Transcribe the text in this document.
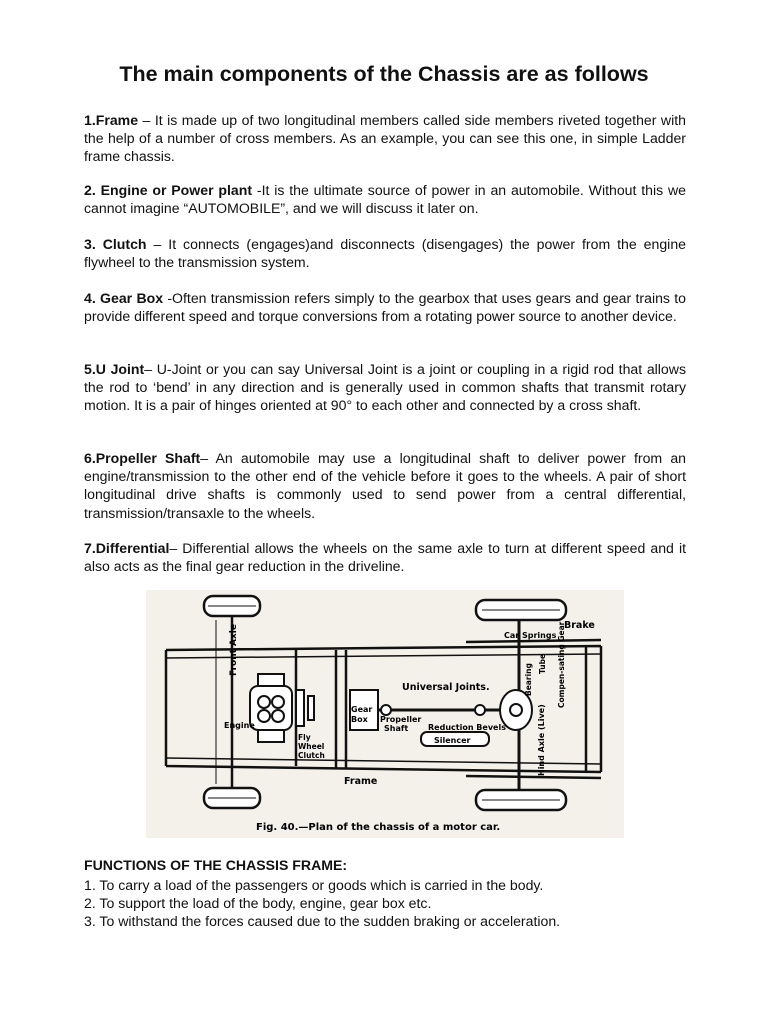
The main components of the Chassis are as follows

1.Frame – It is made up of two longitudinal members called side members riveted together with the help of a number of cross members. As an example, you can see this one, in simple Ladder frame chassis.

2. Engine or Power plant -It is the ultimate source of power in an automobile. Without this we cannot imagine “AUTOMOBILE”, and we will discuss it later on.

3. Clutch – It connects (engages)and disconnects (disengages) the power from the engine flywheel to the transmission system.

4. Gear Box -Often transmission refers simply to the gearbox that uses gears and gear trains to provide different speed and torque conversions from a rotating power source to another device.

5.U Joint– U-Joint or you can say Universal Joint is a joint or coupling in a rigid rod that allows the rod to ‘bend’ in any direction and is generally used in common shafts that transmit rotary motion. It is a pair of hinges oriented at 90° to each other and connected by a cross shaft.

6.Propeller Shaft– An automobile may use a longitudinal shaft to deliver power from an engine/transmission to the other end of the vehicle before it goes to the wheels. A pair of short longitudinal drive shafts is commonly used to send power from a central differential, transmission/transaxle to the wheels.

7.Differential– Differential allows the wheels on the same axle to turn at different speed and it also acts as the final gear reduction in the driveline.

Front Axle
Engine
Fly
Wheel
Clutch
Gear
Box Propeller
Shaft
Universal Joints.
Reduction Bevels
Silencer
Frame
Car Springs
Brake
Bearing Tube Compen-sating Gear
Hind Axle (Live)
Fig. 40.—Plan of the chassis of a motor car.

FUNCTIONS OF THE CHASSIS FRAME:

1. To carry a load of the passengers or goods which is carried in the body.
2. To support the load of the body, engine, gear box etc.
3. To withstand the forces caused due to the sudden braking or acceleration.
